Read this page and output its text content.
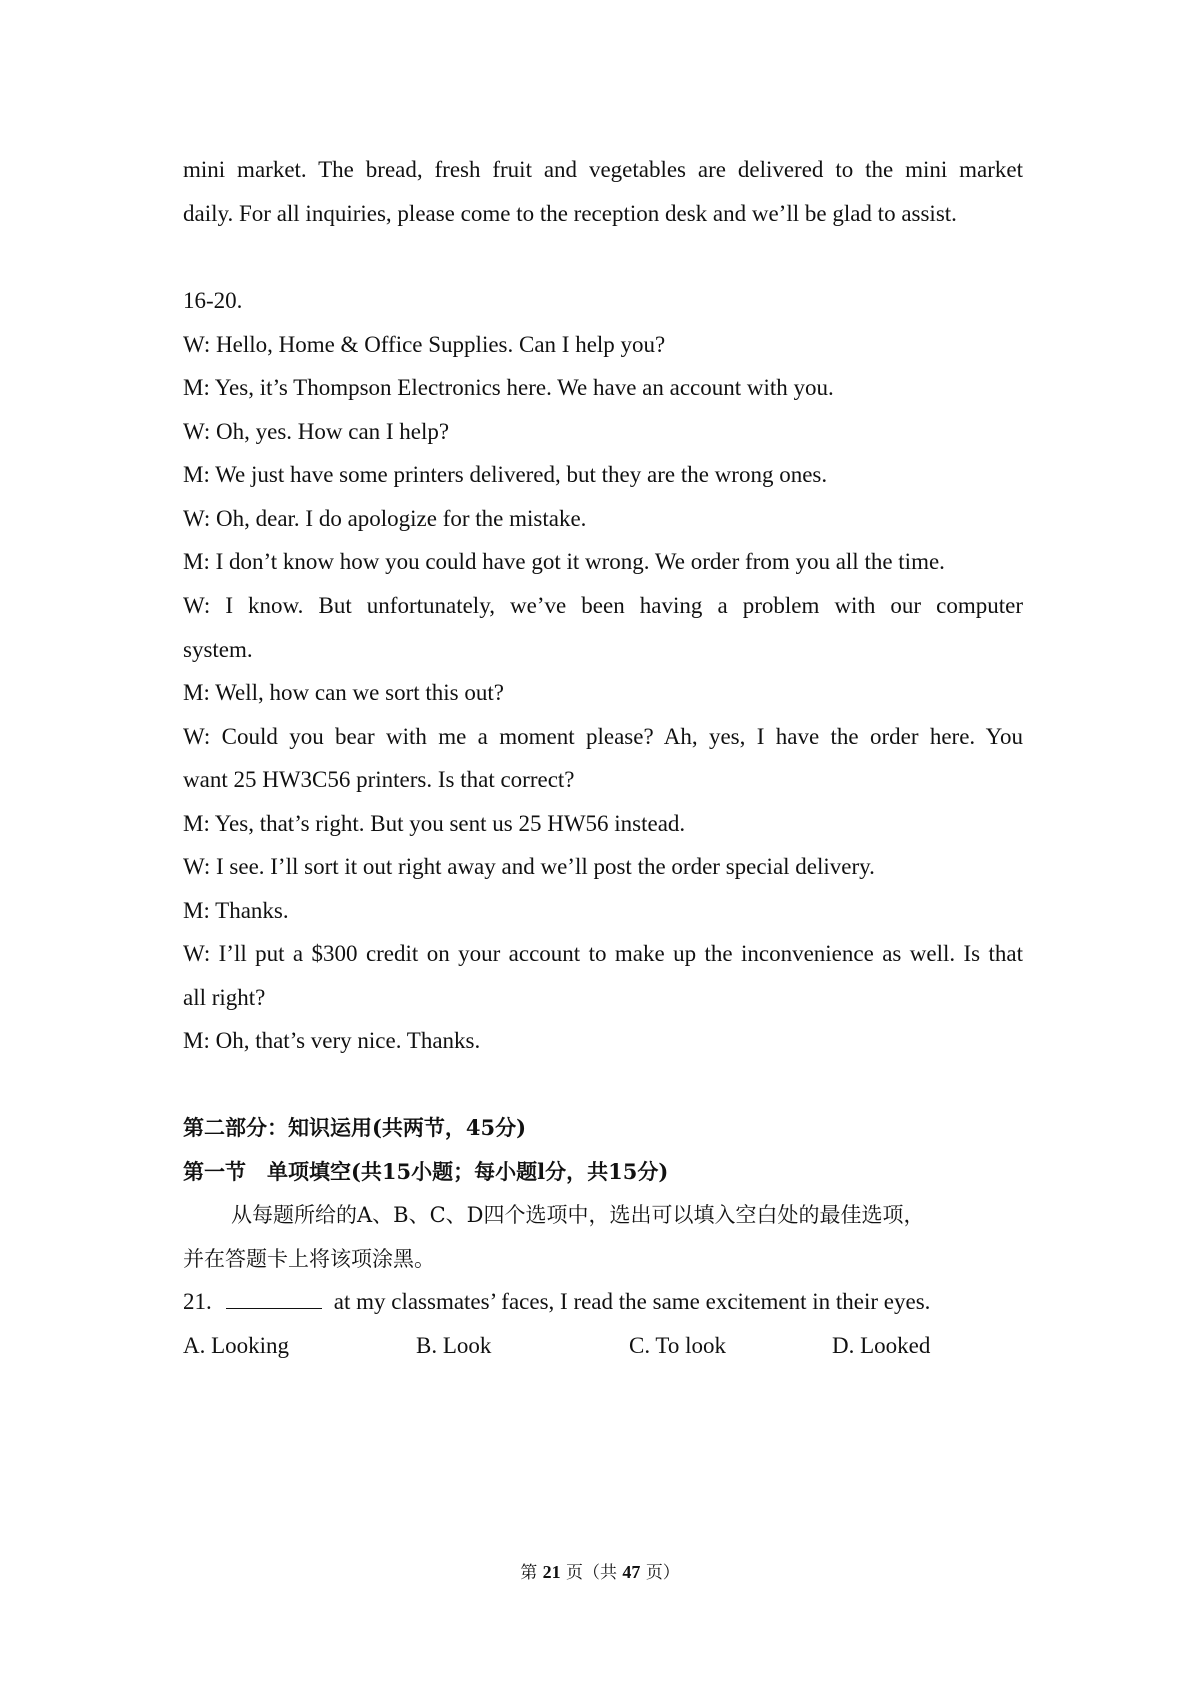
mini market. The bread, fresh fruit and vegetables are delivered to the mini market
daily. For all inquiries, please come to the reception desk and we’ll be glad to assist.
16-20.
W: Hello, Home & Office Supplies. Can I help you?
M: Yes, it’s Thompson Electronics here. We have an account with you.
W: Oh, yes. How can I help?
M: We just have some printers delivered, but they are the wrong ones.
W: Oh, dear. I do apologize for the mistake.
M: I don’t know how you could have got it wrong. We order from you all the time.
W: I know. But unfortunately, we’ve been having a problem with our computer
system.
M: Well, how can we sort this out?
W: Could you bear with me a moment please? Ah, yes, I have the order here. You
want 25 HW3C56 printers. Is that correct?
M: Yes, that’s right. But you sent us 25 HW56 instead.
W: I see. I’ll sort it out right away and we’ll post the order special delivery.
M: Thanks.
W: I’ll put a $300 credit on your account to make up the inconvenience as well. Is that
all right?
M: Oh, that’s very nice. Thanks.
第二部分：知识运用(共两节，45分)
第一节　单项填空(共15小题；每小题l分，共15分)
从每题所给的A、B、C、D四个选项中，选出可以填入空白处的最佳选项，
并在答题卡上将该项涂黑。
21.	at my classmates’ faces, I read the same excitement in their eyes.
A. Looking	B. Look	C. To look	D. Looked
第 21 页（共 47 页）
